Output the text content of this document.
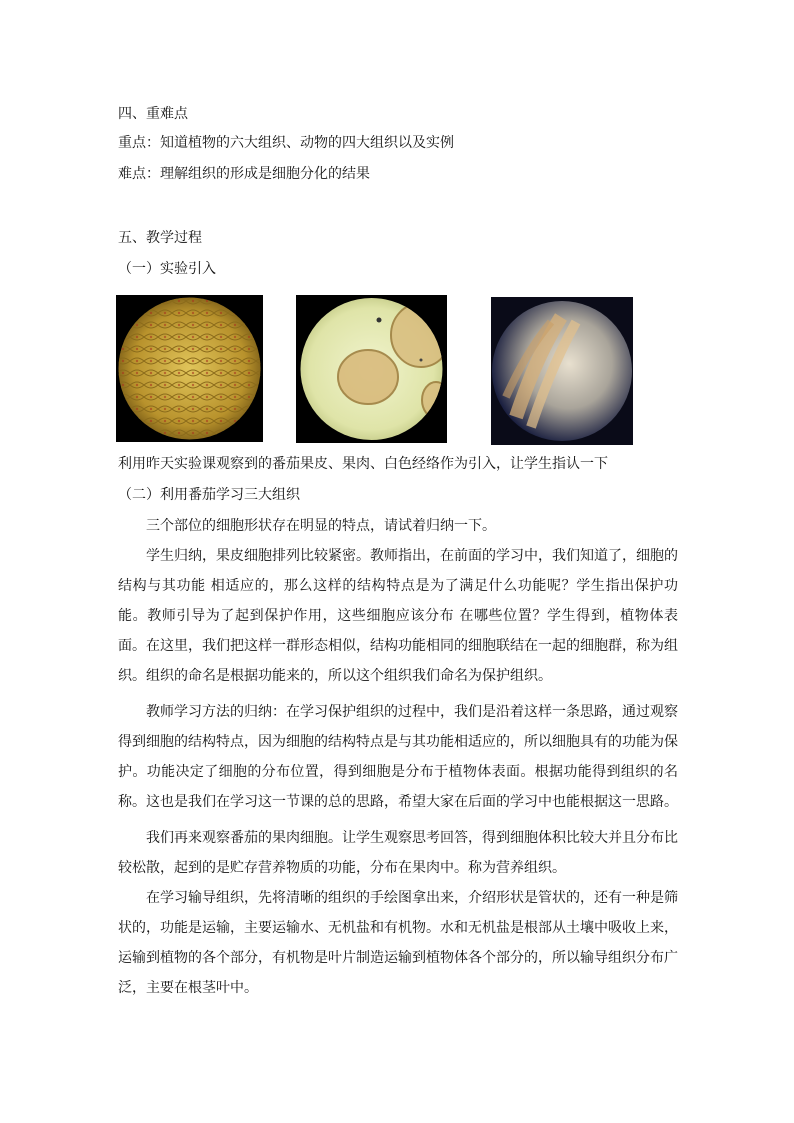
四、重难点
重点：知道植物的六大组织、动物的四大组织以及实例
难点：理解组织的形成是细胞分化的结果
五、教学过程
（一）实验引入
利用昨天实验课观察到的番茄果皮、果肉、白色经络作为引入，让学生指认一下
（二）利用番茄学习三大组织
三个部位的细胞形状存在明显的特点，请试着归纳一下。
学生归纳，果皮细胞排列比较紧密。教师指出，在前面的学习中，我们知道了，细胞的结构与其功能 相适应的，那么这样的结构特点是为了满足什么功能呢？学生指出保护功能。教师引导为了起到保护作用，这些细胞应该分布 在哪些位置？学生得到，植物体表面。在这里，我们把这样一群形态相似，结构功能相同的细胞联结在一起的细胞群，称为组织。组织的命名是根据功能来的，所以这个组织我们命名为保护组织。
教师学习方法的归纳：在学习保护组织的过程中，我们是沿着这样一条思路，通过观察得到细胞的结构特点，因为细胞的结构特点是与其功能相适应的，所以细胞具有的功能为保护。功能决定了细胞的分布位置，得到细胞是分布于植物体表面。根据功能得到组织的名称。这也是我们在学习这一节课的总的思路，希望大家在后面的学习中也能根据这一思路。
我们再来观察番茄的果肉细胞。让学生观察思考回答，得到细胞体积比较大并且分布比较松散，起到的是贮存营养物质的功能，分布在果肉中。称为营养组织。
在学习输导组织，先将清晰的组织的手绘图拿出来，介绍形状是管状的，还有一种是筛状的，功能是运输，主要运输水、无机盐和有机物。水和无机盐是根部从土壤中吸收上来，运输到植物的各个部分，有机物是叶片制造运输到植物体各个部分的，所以输导组织分布广泛，主要在根茎叶中。
